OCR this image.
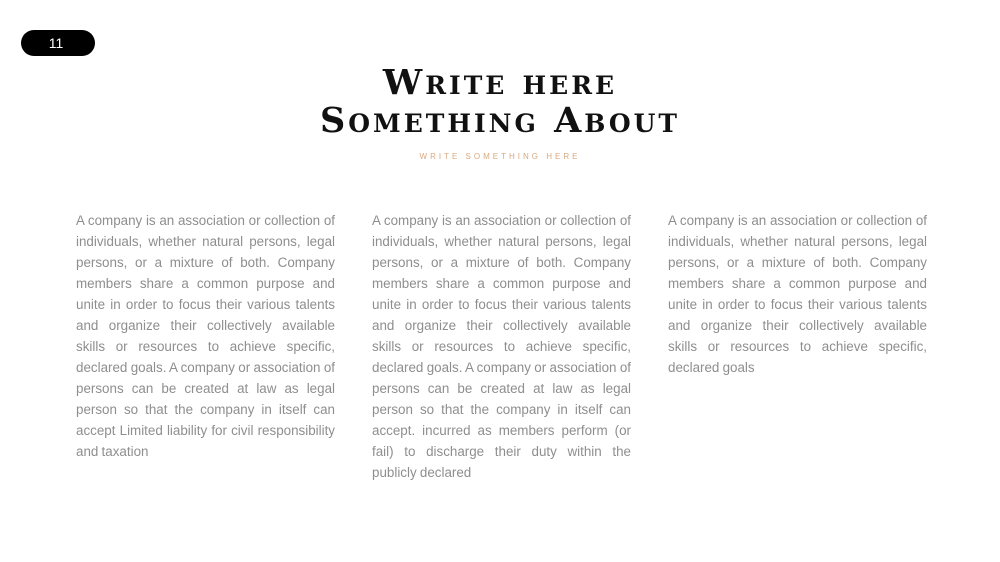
11
Write here
Something About
WRITE SOMETHING HERE

A company is an association or collection of individuals, whether natural persons, legal persons, or a mixture of both. Company members share a common purpose and unite in order to focus their various talents and organize their collectively available skills or resources to achieve specific, declared goals. A company or association of persons can be created at law as legal person so that the company in itself can accept Limited liability for civil responsibility and taxation

A company is an association or collection of individuals, whether natural persons, legal persons, or a mixture of both. Company members share a common purpose and unite in order to focus their various talents and organize their collectively available skills or resources to achieve specific, declared goals. A company or association of persons can be created at law as legal person so that the company in itself can accept. incurred as members perform (or fail) to discharge their duty within the publicly declared

A company is an association or collection of individuals, whether natural persons, legal persons, or a mixture of both. Company members share a common purpose and unite in order to focus their various talents and organize their collectively available skills or resources to achieve specific, declared goals
